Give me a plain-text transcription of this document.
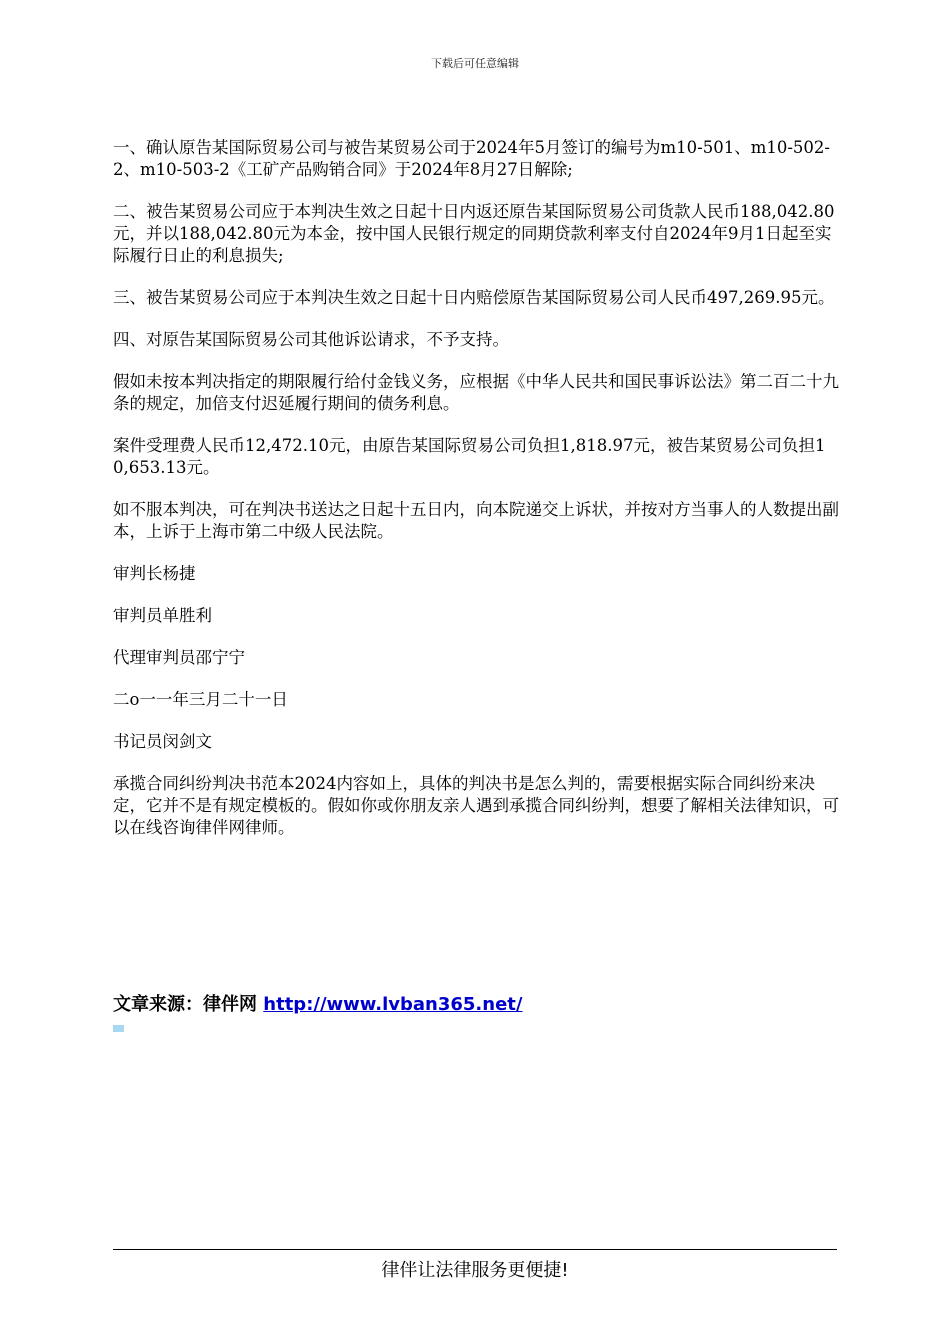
下载后可任意编辑

一、确认原告某国际贸易公司与被告某贸易公司于2024年5月签订的编号为m10-501、m10-502-2、m10-503-2《工矿产品购销合同》于2024年8月27日解除;

二、被告某贸易公司应于本判决生效之日起十日内返还原告某国际贸易公司货款人民币188,042.80元，并以188,042.80元为本金，按中国人民银行规定的同期贷款利率支付自2024年9月1日起至实际履行日止的利息损失;

三、被告某贸易公司应于本判决生效之日起十日内赔偿原告某国际贸易公司人民币497,269.95元。

四、对原告某国际贸易公司其他诉讼请求，不予支持。

假如未按本判决指定的期限履行给付金钱义务，应根据《中华人民共和国民事诉讼法》第二百二十九条的规定，加倍支付迟延履行期间的债务利息。

案件受理费人民币12,472.10元，由原告某国际贸易公司负担1,818.97元，被告某贸易公司负担10,653.13元。

如不服本判决，可在判决书送达之日起十五日内，向本院递交上诉状，并按对方当事人的人数提出副本，上诉于上海市第二中级人民法院。

审判长杨捷

审判员单胜利

代理审判员邵宁宁

二o一一年三月二十一日

书记员闵剑文

承揽合同纠纷判决书范本2024内容如上，具体的判决书是怎么判的，需要根据实际合同纠纷来决定，它并不是有规定模板的。假如你或你朋友亲人遇到承揽合同纠纷判，想要了解相关法律知识，可以在线咨询律伴网律师。

文章来源：律伴网 http://www.lvban365.net/
律伴让法律服务更便捷!
